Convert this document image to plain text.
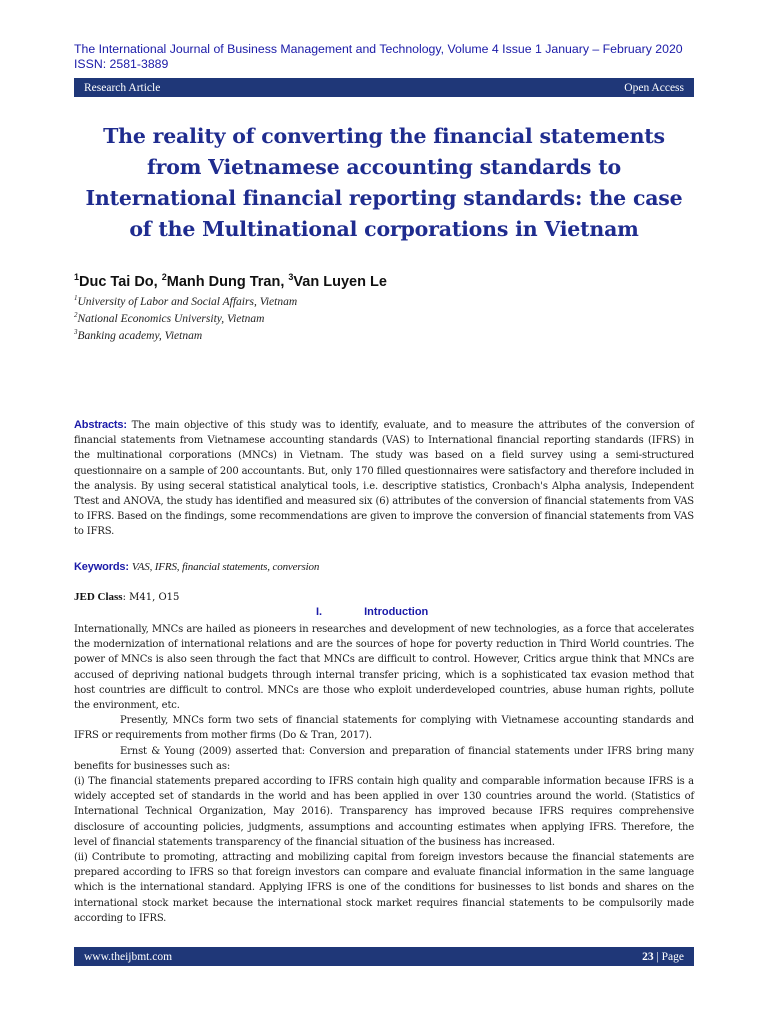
The International Journal of Business Management and Technology, Volume 4 Issue 1 January – February 2020
ISSN: 2581-3889
Research Article	Open Access
The reality of converting the financial statements from Vietnamese accounting standards to International financial reporting standards: the case of the Multinational corporations in Vietnam
$^1$Duc Tai Do, $^2$Manh Dung Tran, $^3$Van Luyen Le
$^1$University of Labor and Social Affairs, Vietnam
$^2$National Economics University, Vietnam
$^3$Banking academy, Vietnam
Abstracts: The main objective of this study was to identify, evaluate, and to measure the attributes of the conversion of financial statements from Vietnamese accounting standards (VAS) to International financial reporting standards (IFRS) in the multinational corporations (MNCs) in Vietnam. The study was based on a field survey using a semi-structured questionnaire on a sample of 200 accountants. But, only 170 filled questionnaires were satisfactory and therefore included in the analysis. By using seceral statistical analytical tools, i.e. descriptive statistics, Cronbach's Alpha analysis, Independent Ttest and ANOVA, the study has identified and measured six (6) attributes of the conversion of financial statements from VAS to IFRS. Based on the findings, some recommendations are given to improve the conversion of financial statements from VAS to IFRS.
Keywords: VAS, IFRS, financial statements, conversion
JED Class: M41, O15
I.	Introduction

Internationally, MNCs are hailed as pioneers in researches and development of new technologies, as a force that accelerates the modernization of international relations and are the sources of hope for poverty reduction in Third World countries. The power of MNCs is also seen through the fact that MNCs are difficult to control. However, Critics argue think that MNCs are accused of depriving national budgets through internal transfer pricing, which is a sophisticated tax evasion method that host countries are difficult to control. MNCs are those who exploit underdeveloped countries, abuse human rights, pollute the environment, etc.

Presently, MNCs form two sets of financial statements for complying with Vietnamese accounting standards and IFRS or requirements from mother firms (Do & Tran, 2017).

Ernst & Young (2009) asserted that: Conversion and preparation of financial statements under IFRS bring many benefits for businesses such as:

(i) The financial statements prepared according to IFRS contain high quality and comparable information because IFRS is a widely accepted set of standards in the world and has been applied in over 130 countries around the world. (Statistics of International Technical Organization, May 2016). Transparency has improved because IFRS requires comprehensive disclosure of accounting policies, judgments, assumptions and accounting estimates when applying IFRS. Therefore, the level of financial statements transparency of the financial situation of the business has increased.

(ii) Contribute to promoting, attracting and mobilizing capital from foreign investors because the financial statements are prepared according to IFRS so that foreign investors can compare and evaluate financial information in the same language which is the international standard. Applying IFRS is one of the conditions for businesses to list bonds and shares on the international stock market because the international stock market requires financial statements to be compulsorily made according to IFRS.

www.theijbmt.com	23 | Page
